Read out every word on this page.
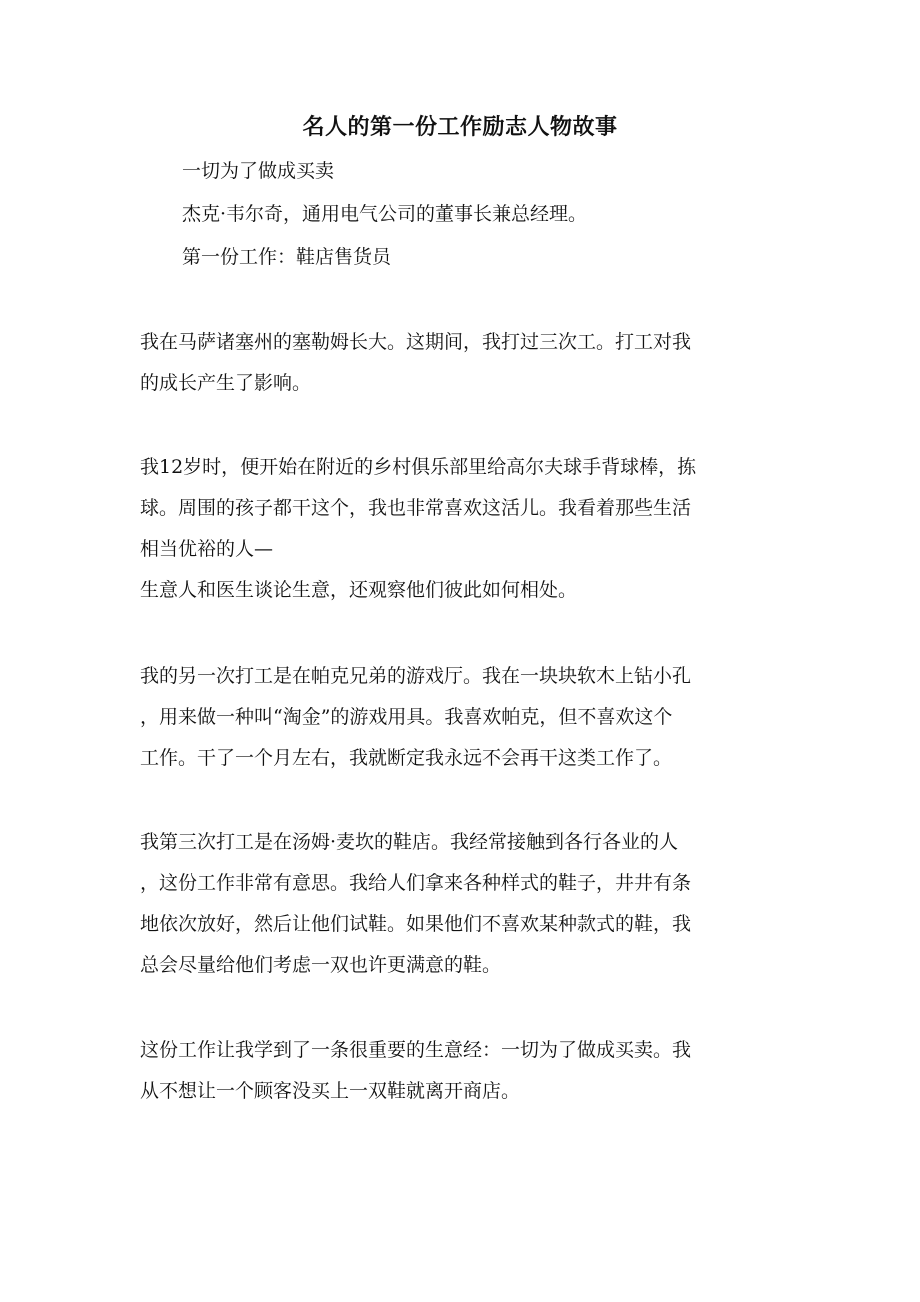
名人的第一份工作励志人物故事
一切为了做成买卖
杰克·韦尔奇，通用电气公司的董事长兼总经理。
第一份工作：鞋店售货员
我在马萨诸塞州的塞勒姆长大。这期间，我打过三次工。打工对我
的成长产生了影响。
我12岁时，便开始在附近的乡村俱乐部里给高尔夫球手背球棒，拣
球。周围的孩子都干这个，我也非常喜欢这活儿。我看着那些生活
相当优裕的人—
生意人和医生谈论生意，还观察他们彼此如何相处。
我的另一次打工是在帕克兄弟的游戏厅。我在一块块软木上钻小孔
，用来做一种叫“淘金”的游戏用具。我喜欢帕克，但不喜欢这个
工作。干了一个月左右，我就断定我永远不会再干这类工作了。
我第三次打工是在汤姆·麦坎的鞋店。我经常接触到各行各业的人
，这份工作非常有意思。我给人们拿来各种样式的鞋子，井井有条
地依次放好，然后让他们试鞋。如果他们不喜欢某种款式的鞋，我
总会尽量给他们考虑一双也许更满意的鞋。
这份工作让我学到了一条很重要的生意经：一切为了做成买卖。我
从不想让一个顾客没买上一双鞋就离开商店。
